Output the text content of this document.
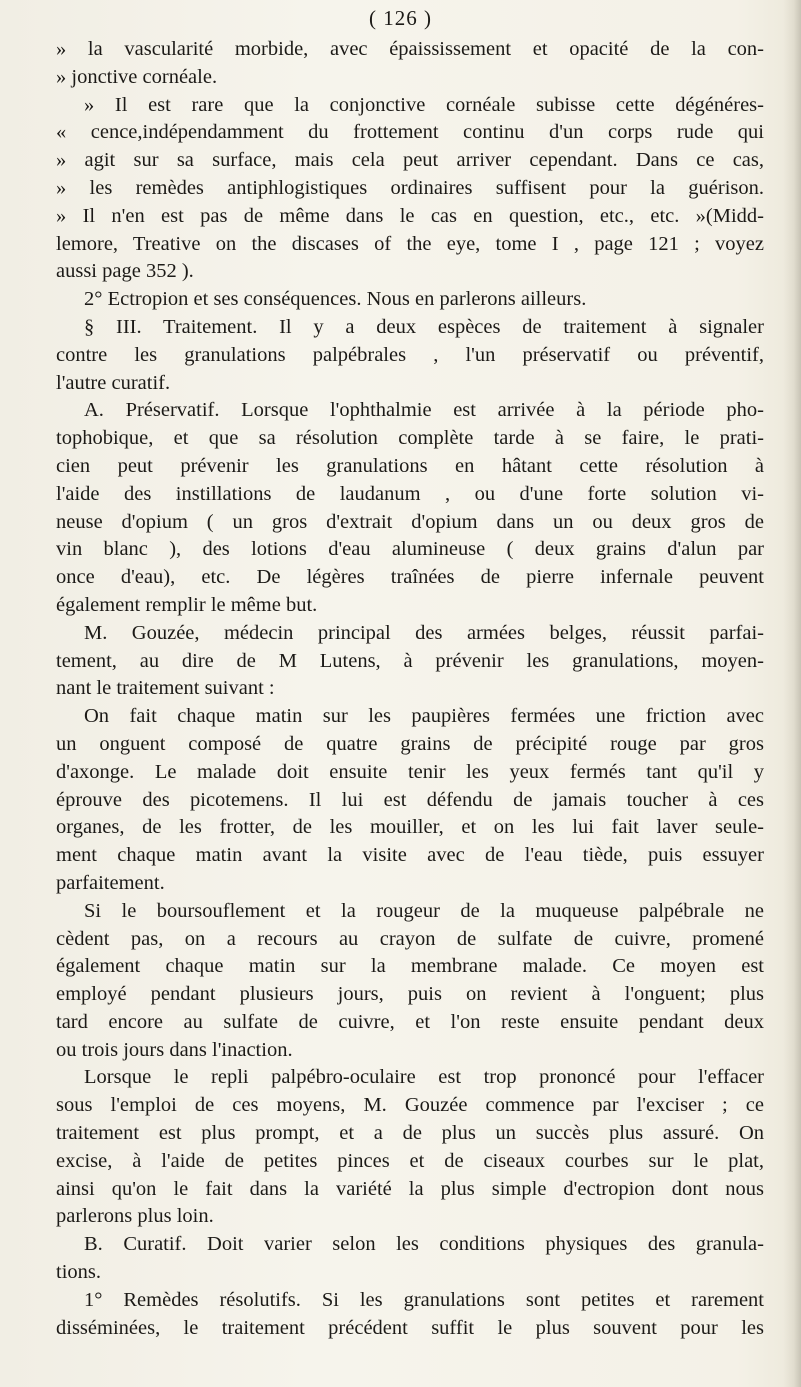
( 126 )
» la vascularité morbide, avec épaississement et opacité de la con-
» jonctive cornéale.
» Il est rare que la conjonctive cornéale subisse cette dégénéres-
« cence,indépendamment du frottement continu d'un corps rude qui
» agit sur sa surface, mais cela peut arriver cependant. Dans ce cas,
» les remèdes antiphlogistiques ordinaires suffisent pour la guérison.
» Il n'en est pas de même dans le cas en question, etc., etc. »(Midd-
lemore, Treative on the discases of the eye, tome I , page 121 ; voyez
aussi page 352 ).
2° Ectropion et ses conséquences. Nous en parlerons ailleurs.
§ III. Traitement. Il y a deux espèces de traitement à signaler
contre les granulations palpébrales , l'un préservatif ou préventif,
l'autre curatif.
A. Préservatif. Lorsque l'ophthalmie est arrivée à la période pho-
tophobique, et que sa résolution complète tarde à se faire, le prati-
cien peut prévenir les granulations en hâtant cette résolution à
l'aide des instillations de laudanum , ou d'une forte solution vi-
neuse d'opium ( un gros d'extrait d'opium dans un ou deux gros de
vin blanc ), des lotions d'eau alumineuse ( deux grains d'alun par
once d'eau), etc. De légères traînées de pierre infernale peuvent
également remplir le même but.
M. Gouzée, médecin principal des armées belges, réussit parfai-
tement, au dire de M Lutens, à prévenir les granulations, moyen-
nant le traitement suivant :
On fait chaque matin sur les paupières fermées une friction avec
un onguent composé de quatre grains de précipité rouge par gros
d'axonge. Le malade doit ensuite tenir les yeux fermés tant qu'il y
éprouve des picotemens. Il lui est défendu de jamais toucher à ces
organes, de les frotter, de les mouiller, et on les lui fait laver seule-
ment chaque matin avant la visite avec de l'eau tiède, puis essuyer
parfaitement.
Si le boursouflement et la rougeur de la muqueuse palpébrale ne
cèdent pas, on a recours au crayon de sulfate de cuivre, promené
également chaque matin sur la membrane malade. Ce moyen est
employé pendant plusieurs jours, puis on revient à l'onguent; plus
tard encore au sulfate de cuivre, et l'on reste ensuite pendant deux
ou trois jours dans l'inaction.
Lorsque le repli palpébro-oculaire est trop prononcé pour l'effacer
sous l'emploi de ces moyens, M. Gouzée commence par l'exciser ; ce
traitement est plus prompt, et a de plus un succès plus assuré. On
excise, à l'aide de petites pinces et de ciseaux courbes sur le plat,
ainsi qu'on le fait dans la variété la plus simple d'ectropion dont nous
parlerons plus loin.
B. Curatif. Doit varier selon les conditions physiques des granula-
tions.
1° Remèdes résolutifs. Si les granulations sont petites et rarement
disséminées, le traitement précédent suffit le plus souvent pour les
